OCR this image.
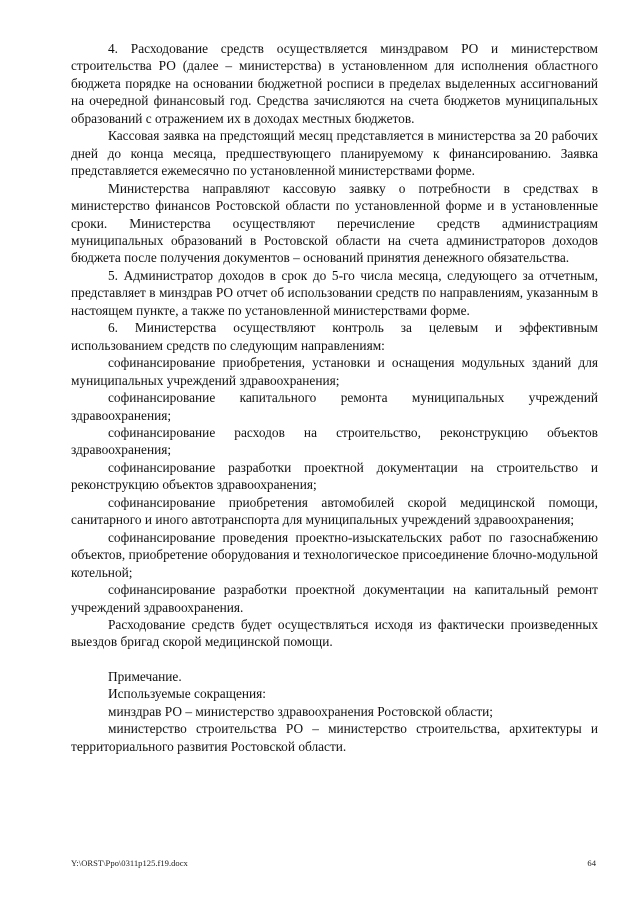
4. Расходование средств осуществляется минздравом РО и министерством строительства РО (далее – министерства) в установленном для исполнения областного бюджета порядке на основании бюджетной росписи в пределах выделенных ассигнований на очередной финансовый год. Средства зачисляются на счета бюджетов муниципальных образований с отражением их в доходах местных бюджетов.

Кассовая заявка на предстоящий месяц представляется в министерства за 20 рабочих дней до конца месяца, предшествующего планируемому к финансированию. Заявка представляется ежемесячно по установленной министерствами форме.

Министерства направляют кассовую заявку о потребности в средствах в министерство финансов Ростовской области по установленной форме и в установленные сроки. Министерства осуществляют перечисление средств администрациям муниципальных образований в Ростовской области на счета администраторов доходов бюджета после получения документов – оснований принятия денежного обязательства.

5. Администратор доходов в срок до 5-го числа месяца, следующего за отчетным, представляет в минздрав РО отчет об использовании средств по направлениям, указанным в настоящем пункте, а также по установленной министерствами форме.

6. Министерства осуществляют контроль за целевым и эффективным использованием средств по следующим направлениям:

софинансирование приобретения, установки и оснащения модульных зданий для муниципальных учреждений здравоохранения;

софинансирование капитального ремонта муниципальных учреждений здравоохранения;

софинансирование расходов на строительство, реконструкцию объектов здравоохранения;

софинансирование разработки проектной документации на строительство и реконструкцию объектов здравоохранения;

софинансирование приобретения автомобилей скорой медицинской помощи, санитарного и иного автотранспорта для муниципальных учреждений здравоохранения;

софинансирование проведения проектно-изыскательских работ по газоснабжению объектов, приобретение оборудования и технологическое присоединение блочно-модульной котельной;

софинансирование разработки проектной документации на капитальный ремонт учреждений здравоохранения.

Расходование средств будет осуществляться исходя из фактически произведенных выездов бригад скорой медицинской помощи.

Примечание.

Используемые сокращения:

минздрав РО – министерство здравоохранения Ростовской области;

министерство строительства РО – министерство строительства, архитектуры и территориального развития Ростовской области.

Y:\ORST\Ppo\0311p125.f19.docx	64
